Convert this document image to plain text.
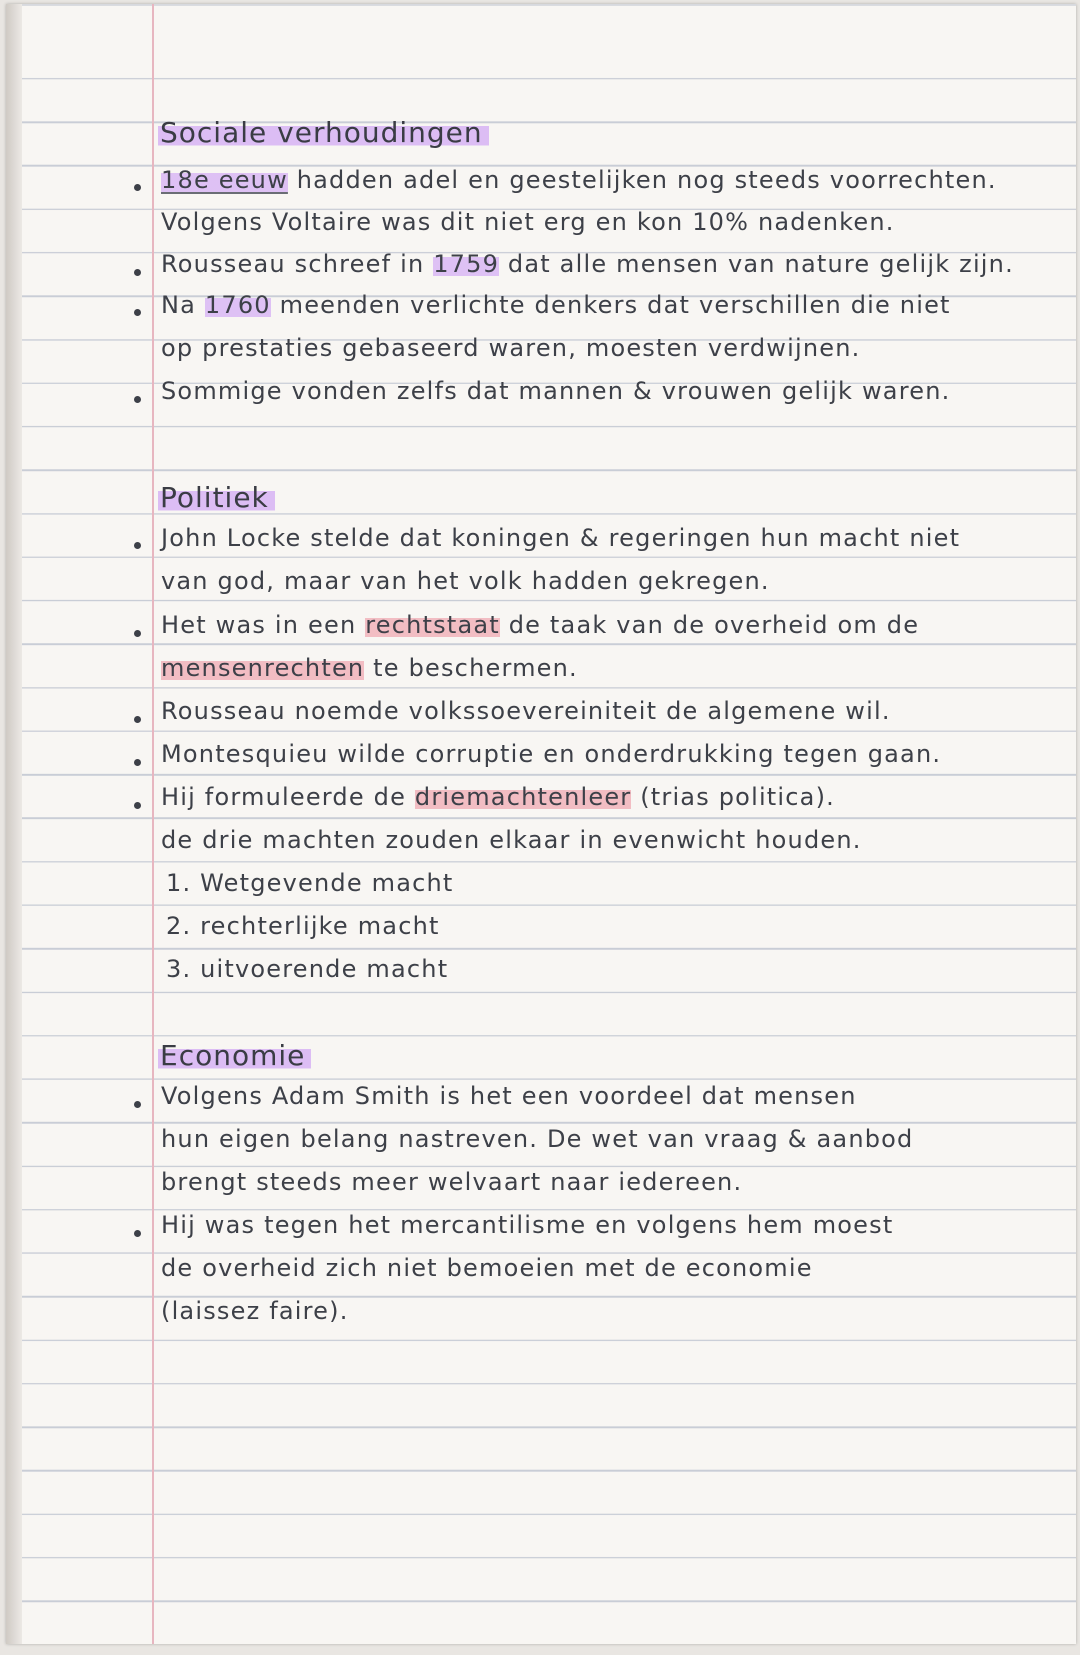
Sociale verhoudingen
18e eeuw hadden adel en geestelijken nog steeds voorrechten.
Volgens Voltaire was dit niet erg en kon 10% nadenken.
Rousseau schreef in 1759 dat alle mensen van nature gelijk zijn.
Na 1760 meenden verlichte denkers dat verschillen die niet
op prestaties gebaseerd waren, moesten verdwijnen.
Sommige vonden zelfs dat mannen & vrouwen gelijk waren.
Politiek
John Locke stelde dat koningen & regeringen hun macht niet
van god, maar van het volk hadden gekregen.
Het was in een rechtstaat de taak van de overheid om de
mensenrechten te beschermen.
Rousseau noemde volkssoevereiniteit de algemene wil.
Montesquieu wilde corruptie en onderdrukking tegen gaan.
Hij formuleerde de driemachtenleer (trias politica).
de drie machten zouden elkaar in evenwicht houden.
1. Wetgevende macht
2. rechterlijke macht
3. uitvoerende macht
Economie
Volgens Adam Smith is het een voordeel dat mensen
hun eigen belang nastreven. De wet van vraag & aanbod
brengt steeds meer welvaart naar iedereen.
Hij was tegen het mercantilisme en volgens hem moest
de overheid zich niet bemoeien met de economie
(laissez faire).
